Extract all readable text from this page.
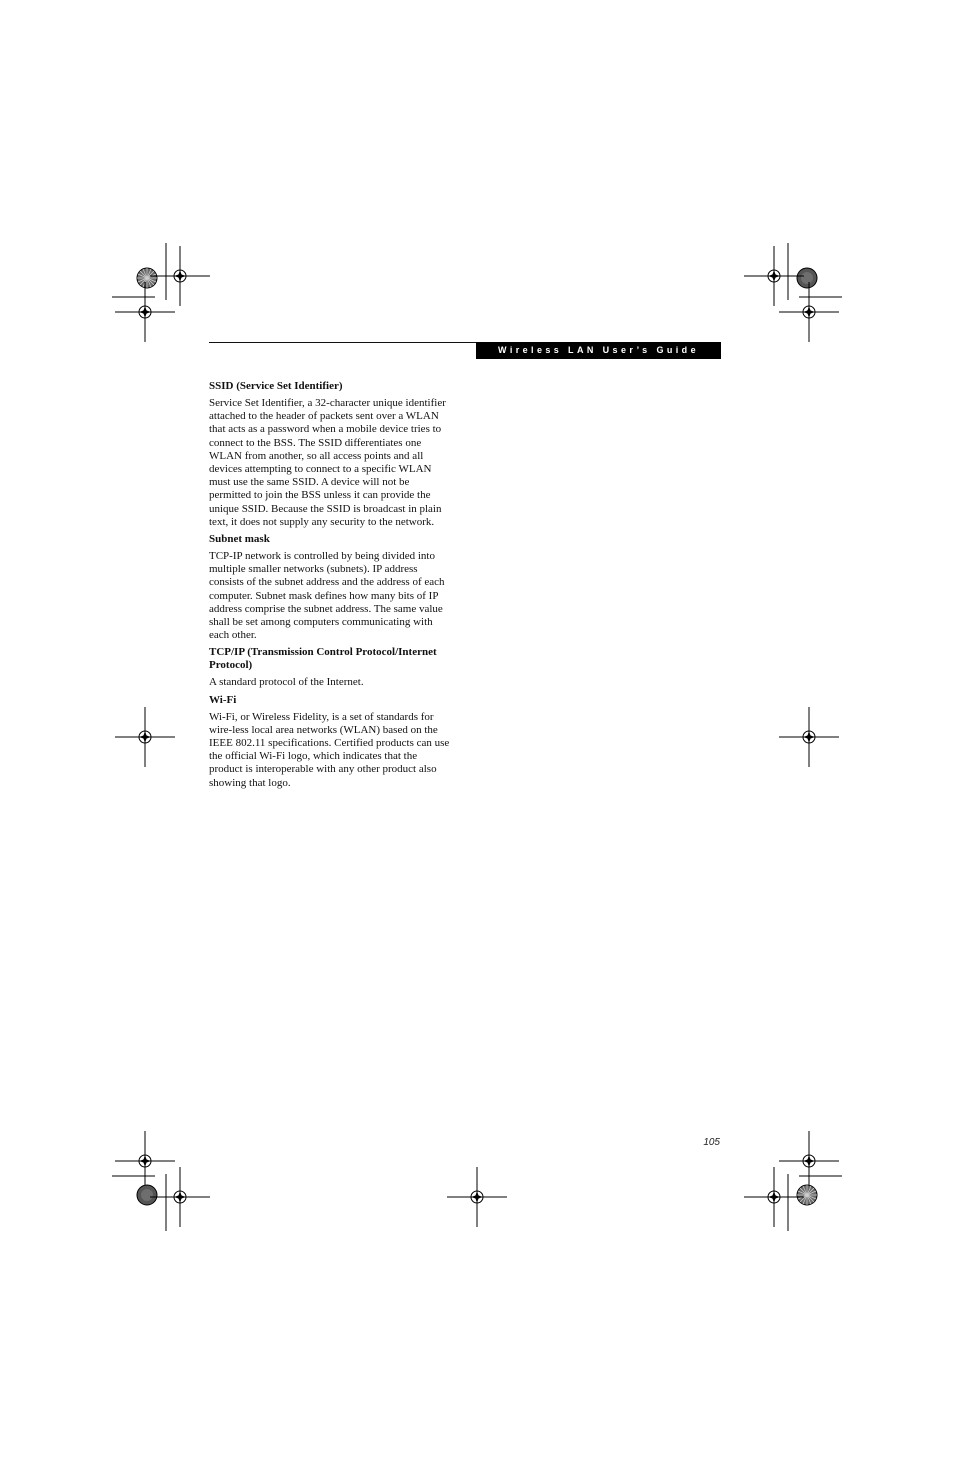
Wireless LAN User’s Guide

SSID (Service Set Identifier)

Service Set Identifier, a 32-character unique identifier attached to the header of packets sent over a WLAN that acts as a password when a mobile device tries to connect to the BSS. The SSID differentiates one WLAN from another, so all access points and all devices attempting to connect to a specific WLAN must use the same SSID. A device will not be permitted to join the BSS unless it can provide the unique SSID. Because the SSID is broadcast in plain text, it does not supply any security to the network.

Subnet mask

TCP-IP network is controlled by being divided into multiple smaller networks (subnets). IP address consists of the subnet address and the address of each computer. Subnet mask defines how many bits of IP address comprise the subnet address. The same value shall be set among computers communicating with each other.

TCP/IP (Transmission Control Protocol/Internet Protocol)

A standard protocol of the Internet.

Wi-Fi

Wi-Fi, or Wireless Fidelity, is a set of standards for wire-less local area networks (WLAN) based on the IEEE 802.11 specifications. Certified products can use the official Wi-Fi logo, which indicates that the product is interoperable with any other product also showing that logo.

105
